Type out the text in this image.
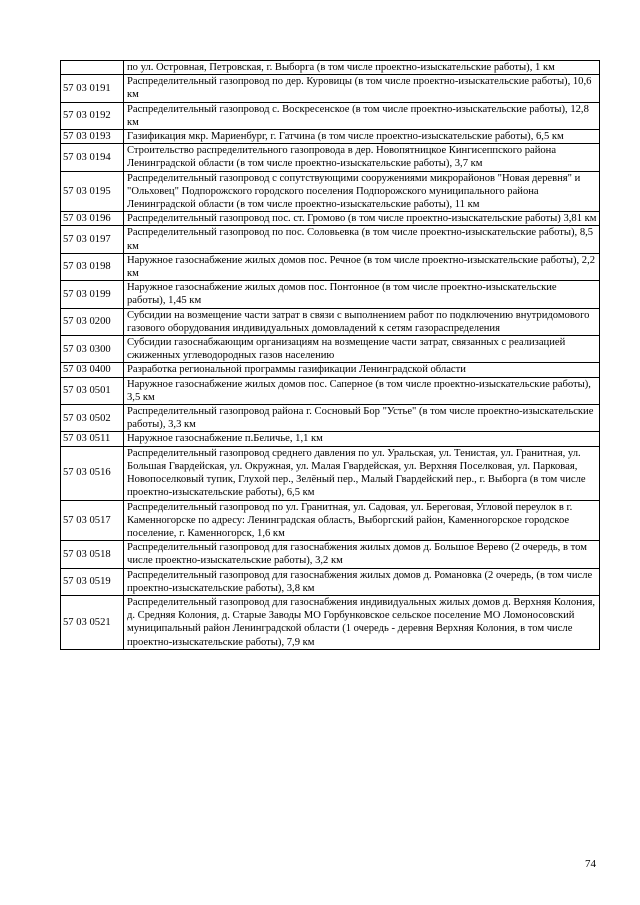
	по ул. Островная, Петровская, г. Выборга (в том числе проектно-изыскательские работы), 1 км
57 03 0191	Распределительный газопровод по дер. Куровицы (в том числе проектно-изыскательские работы), 10,6 км
57 03 0192	Распределительный газопровод с. Воскресенское (в том числе проектно-изыскательские работы), 12,8 км
57 03 0193	Газификация мкр. Мариенбург, г. Гатчина (в том числе проектно-изыскательские работы), 6,5 км
57 03 0194	Строительство распределительного газопровода в дер. Новопятницкое Кингисеппского района Ленинградской области (в том числе проектно-изыскательские работы), 3,7 км
57 03 0195	Распределительный газопровод с сопутствующими сооружениями микрорайонов "Новая деревня" и "Ольховец" Подпорожского городского поселения Подпорожского муниципального района Ленинградской области (в том числе проектно-изыскательские работы), 11 км
57 03 0196	Распределительный газопровод пос. ст. Громово (в том числе проектно-изыскательские работы) 3,81 км
57 03 0197	Распределительный газопровод по пос. Соловьевка (в том числе проектно-изыскательские работы), 8,5 км
57 03 0198	Наружное газоснабжение жилых домов пос. Речное (в том числе проектно-изыскательские работы), 2,2 км
57 03 0199	Наружное газоснабжение жилых домов пос. Понтонное (в том числе проектно-изыскательские работы), 1,45 км
57 03 0200	Субсидии на возмещение части затрат в связи с выполнением работ по подключению внутридомового газового оборудования индивидуальных домовладений к сетям газораспределения
57 03 0300	Субсидии газоснабжающим организациям на возмещение части затрат, связанных с реализацией сжиженных углеводородных газов населению
57 03 0400	Разработка региональной программы газификации Ленинградской области
57 03 0501	Наружное газоснабжение жилых домов пос. Саперное (в том числе проектно-изыскательские работы), 3,5 км
57 03 0502	Распределительный газопровод района г. Сосновый Бор "Устье" (в том числе проектно-изыскательские работы), 3,3 км
57 03 0511	Наружное газоснабжение п.Беличье, 1,1 км
57 03 0516	Распределительный газопровод среднего давления по ул. Уральская, ул. Тенистая, ул. Гранитная, ул. Большая Гвардейская, ул. Окружная, ул. Малая Гвардейская, ул. Верхняя Поселковая, ул. Парковая, Новопоселковый тупик, Глухой пер., Зелёный пер., Малый Гвардейский пер., г. Выборга (в том числе проектно-изыскательские работы), 6,5 км
57 03 0517	Распределительный газопровод по ул. Гранитная, ул. Садовая, ул. Береговая, Угловой переулок в г. Каменногорске по адресу: Ленинградская область, Выборгский район, Каменногорское городское поселение, г. Каменногорск, 1,6 км
57 03 0518	Распределительный газопровод для газоснабжения жилых домов д. Большое Верево (2 очередь, в том числе проектно-изыскательские работы), 3,2 км
57 03 0519	Распределительный газопровод для газоснабжения жилых домов д. Романовка (2 очередь, (в том числе проектно-изыскательские работы), 3,8 км
57 03 0521	Распределительный газопровод для газоснабжения индивидуальных жилых домов д. Верхняя Колония, д. Средняя Колония, д. Старые Заводы МО Горбунковское сельское поселение МО Ломоносовский муниципальный район Ленинградской области (1 очередь - деревня Верхняя Колония, в том числе проектно-изыскательские работы), 7,9 км
74
